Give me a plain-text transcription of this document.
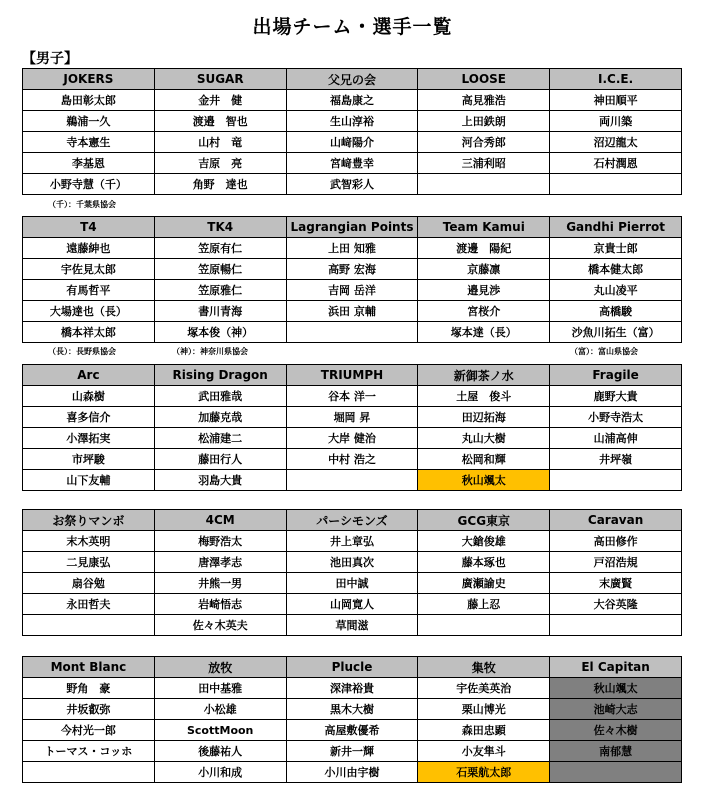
出場チーム・選手一覧
【男子】
JOKERS	SUGAR	父兄の会	LOOSE	I.C.E.
島田彰太郎	金井　健	福島康之	高見雅浩	神田順平
鵜浦一久	渡邉　智也	生山淳裕	上田鉄朗	両川築
寺本憲生	山村　竜	山﨑陽介	河合秀郎	沼辺龍太
李基恩	吉原　亮	宮﨑豊幸	三浦利昭	石村潤恩
小野寺慧（千）	角野　達也	武智彩人		
（千）：千葉県協会
T4	TK4	Lagrangian Points	Team Kamui	Gandhi Pierrot
遠藤紳也	笠原有仁	上田 知雅	渡邊　陽紀	京貴士郎
宇佐見太郎	笠原暢仁	高野 宏海	京藤凛	橋本健太郎
有馬哲平	笠原雅仁	吉岡 岳洋	邉見渉	丸山凌平
大場達也（長）	書川青海	浜田 京輔	宮桜介	高橋駿
橋本祥太郎	塚本俊（神）		塚本達（長）	沙魚川拓生（富）
（長）：長野県協会	（神）：神奈川県協会	（富）：富山県協会
Arc	Rising Dragon	TRIUMPH	新御茶ノ水	Fragile
山森樹	武田雅哉	谷本 洋一	土屋　俊斗	鹿野大貴
喜多信介	加藤克哉	堀岡 昇	田辺拓海	小野寺浩太
小澤拓実	松浦建二	大岸 健治	丸山大樹	山浦高伸
市坪駿	藤田行人	中村 浩之	松岡和輝	井坪嶺
山下友輔	羽島大貴		秋山颯太	
お祭りマンボ	4CM	パーシモンズ	GCG東京	Caravan
末木英明	梅野浩太	井上章弘	大鎗俊雄	高田修作
二見康弘	唐澤孝志	池田真次	藤本琢也	戸沼浩規
扇谷勉	井熊一男	田中誠	廣瀬諭史	末廣賢
永田哲夫	岩崎悟志	山岡寛人	藤上忍	大谷英隆
	佐々木英夫	草間滋		
Mont Blanc	放牧	Plucle	集牧	El Capitan
野角　豪	田中基雅	深津裕貴	宇佐美英治	秋山颯太
井坂叡弥	小松雄	黒木大樹	栗山博光	池崎大志
今村光一郎	ScottMoon	高屋敷優希	森田忠顕	佐々木樹
トーマス・コッホ	後藤祐人	新井一輝	小友隼斗	南郁慧
	小川和成	小川由宇樹	石栗航太郎	
